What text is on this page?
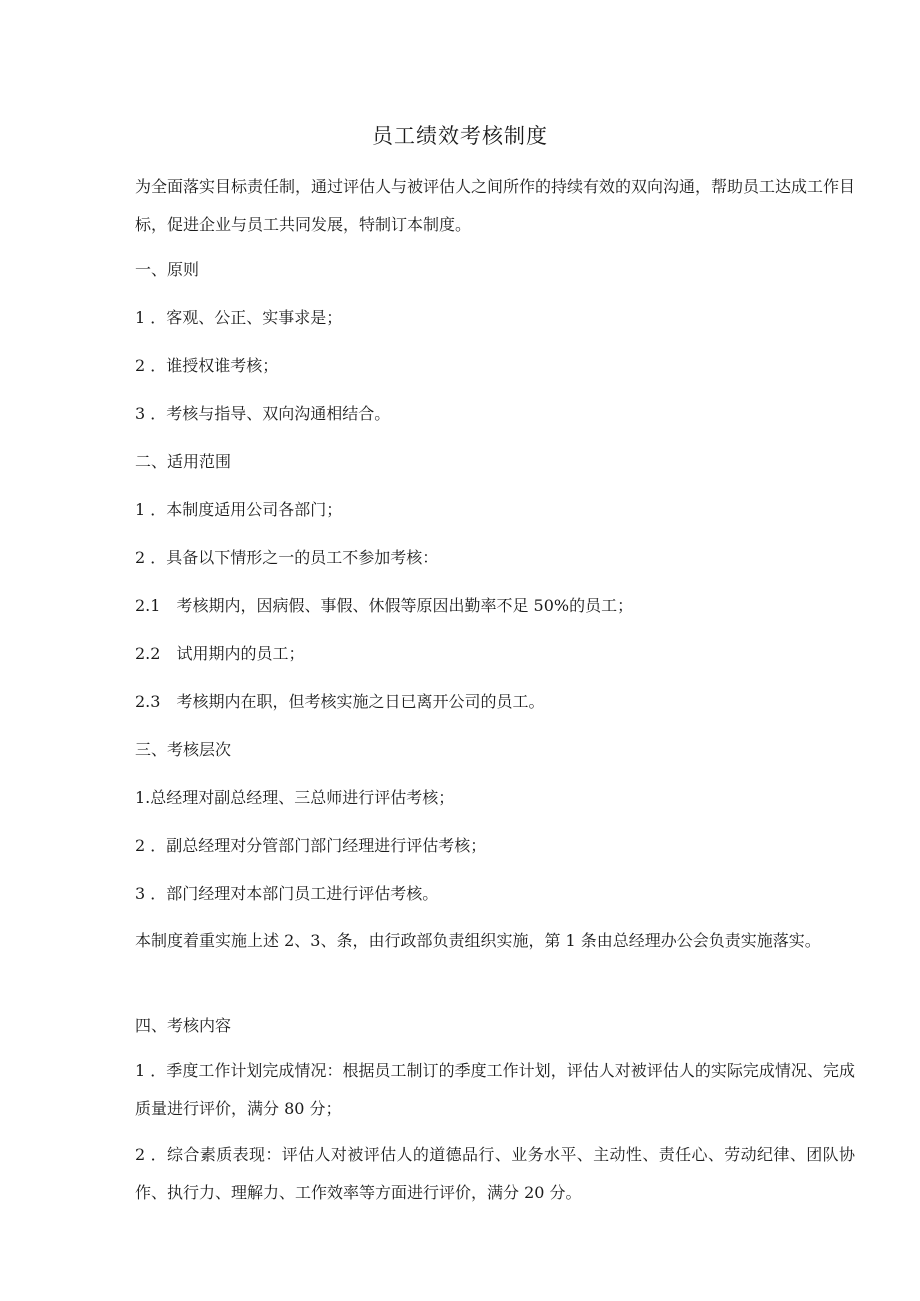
员工绩效考核制度
为全面落实目标责任制，通过评估人与被评估人之间所作的持续有效的双向沟通，帮助员工达成工作目标，促进企业与员工共同发展，特制订本制度。
一、原则
1 ．客观、公正、实事求是；
2 ．谁授权谁考核；
3 ．考核与指导、双向沟通相结合。
二、适用范围
1 ．本制度适用公司各部门；
2 ．具备以下情形之一的员工不参加考核：
2.1　考核期内，因病假、事假、休假等原因出勤率不足 50%的员工；
2.2　试用期内的员工；
2.3　考核期内在职，但考核实施之日已离开公司的员工。
三、考核层次
1.总经理对副总经理、三总师进行评估考核；
2 ．副总经理对分管部门部门经理进行评估考核；
3 ．部门经理对本部门员工进行评估考核。
本制度着重实施上述 2、3、条，由行政部负责组织实施，第 1 条由总经理办公会负责实施落实。
四、考核内容
1 ．季度工作计划完成情况：根据员工制订的季度工作计划，评估人对被评估人的实际完成情况、完成质量进行评价，满分 80 分；
2 ．综合素质表现：评估人对被评估人的道德品行、业务水平、主动性、责任心、劳动纪律、团队协作、执行力、理解力、工作效率等方面进行评价，满分 20 分。
